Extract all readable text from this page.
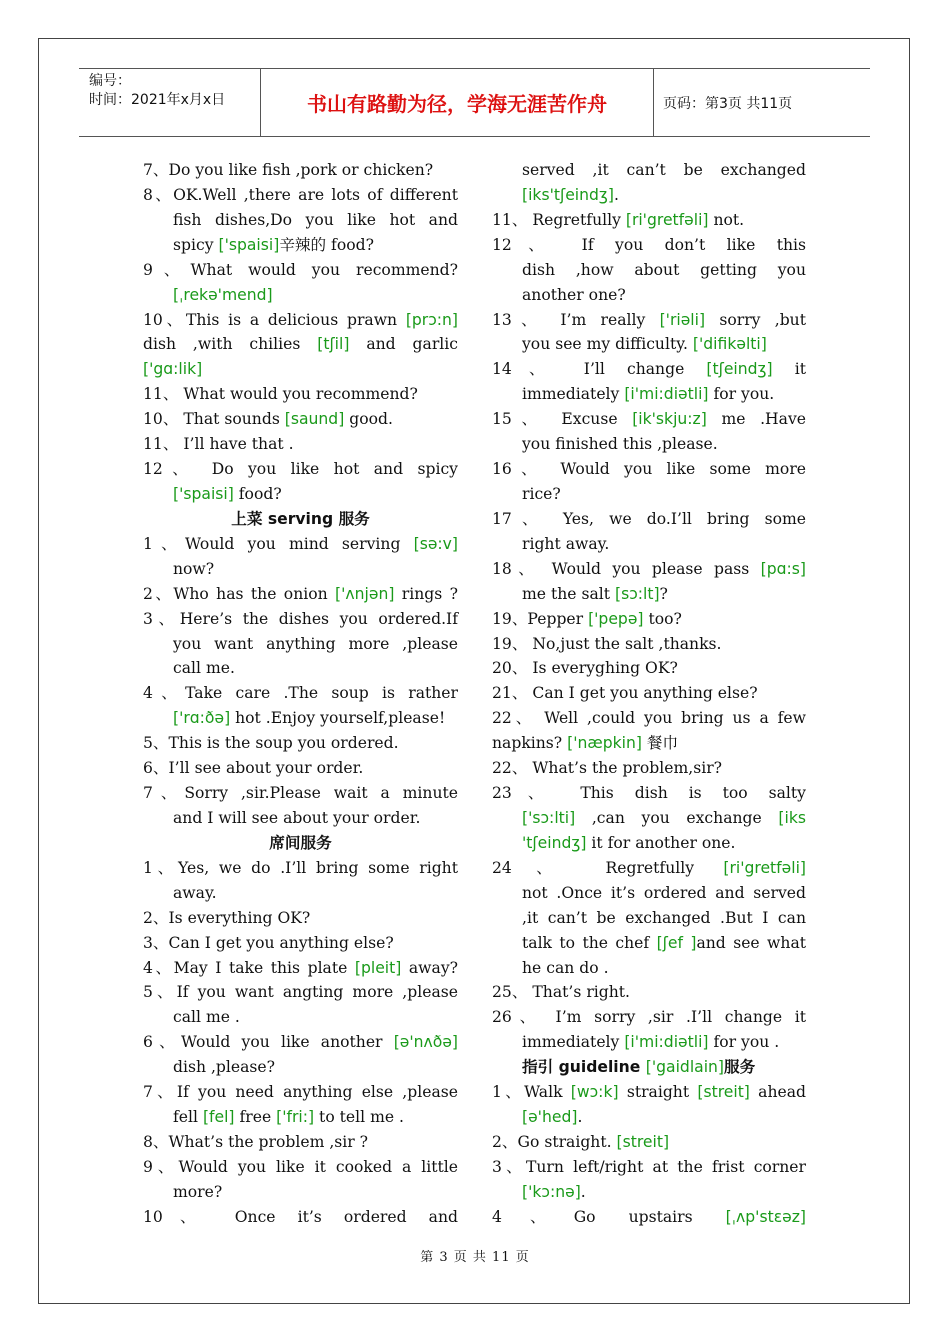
编号：
时间：2021年x月x日	书山有路勤为径，学海无涯苦作舟	页码：第3页 共11页
7、Do you like fish ,pork or chicken?
8、OK.Well ,there are lots of different
fish dishes,Do you like hot and
spicy ['spaisi]辛辣的 food?
9、What would you recommend?
[ˌrekə'mend]
10、This is a delicious prawn [prɔ:n]
dish ,with chilies [tʃil] and garlic
['gɑ:lik]
11、 What would you recommend?
10、 That sounds [saund] good.
11、 I’ll have that .
12、 Do you like hot and spicy
['spaisi] food?
上菜 serving 服务
1、Would you mind serving [sə:v]
now?
2、Who has the onion ['ʌnjən] rings ?
3、Here’s the dishes you ordered.If
you want anything more ,please
call me.
4、Take care .The soup is rather
['rɑ:ðə] hot .Enjoy yourself,please!
5、This is the soup you ordered.
6、I’ll see about your order.
7、Sorry ,sir.Please wait a minute
and I will see about your order.
席间服务
1、Yes, we do .I’ll bring some right
away.
2、Is everything OK?
3、Can I get you anything else?
4、May I take this plate [pleit] away?
5、If you want angting more ,please
call me .
6、Would you like another [ə'nʌðə]
dish ,please?
7、If you need anything else ,please
fell [fel] free ['fri:] to tell me .
8、What’s the problem ,sir ?
9、Would you like it cooked a little
more?
10、 Once it’s ordered and
served ,it can’t be exchanged
[iks'tʃeindʒ].
11、 Regretfully [ri'gretfəli] not.
12、 If you don’t like this
dish ,how about getting you
another one?
13、 I’m really ['riəli] sorry ,but
you see my difficulty. ['difikəlti]
14、 I’ll change [tʃeindʒ] it
immediately [i'mi:diətli] for you.
15、 Excuse [ik'skju:z] me .Have
you finished this ,please.
16、 Would you like some more
rice?
17、 Yes, we do.I’ll bring some
right away.
18、 Would you please pass [pɑ:s]
me the salt [sɔ:lt]?
19、Pepper ['pepə] too?
19、 No,just the salt ,thanks.
20、 Is everyghing OK?
21、 Can I get you anything else?
22、 Well ,could you bring us a few
napkins? ['næpkin] 餐巾
22、 What’s the problem,sir?
23、 This dish is too salty
['sɔ:lti] ,can you exchange [iks
'tʃeindʒ] it for another one.
24、 Regretfully [ri'gretfəli]
not .Once it’s ordered and served
,it can’t be exchanged .But I can
talk to the chef [ʃef ]and see what
he can do .
25、 That’s right.
26、 I’m sorry ,sir .I’ll change it
immediately [i'mi:diətli] for you .
指引 guideline ['gaidlain]服务
1、Walk [wɔ:k] straight [streit] ahead
[ə'hed].
2、Go straight. [streit]
3、Turn left/right at the frist corner
['kɔ:nə].
4、Go upstairs [ˌʌp'stɛəz]
第 3 页 共 11 页
